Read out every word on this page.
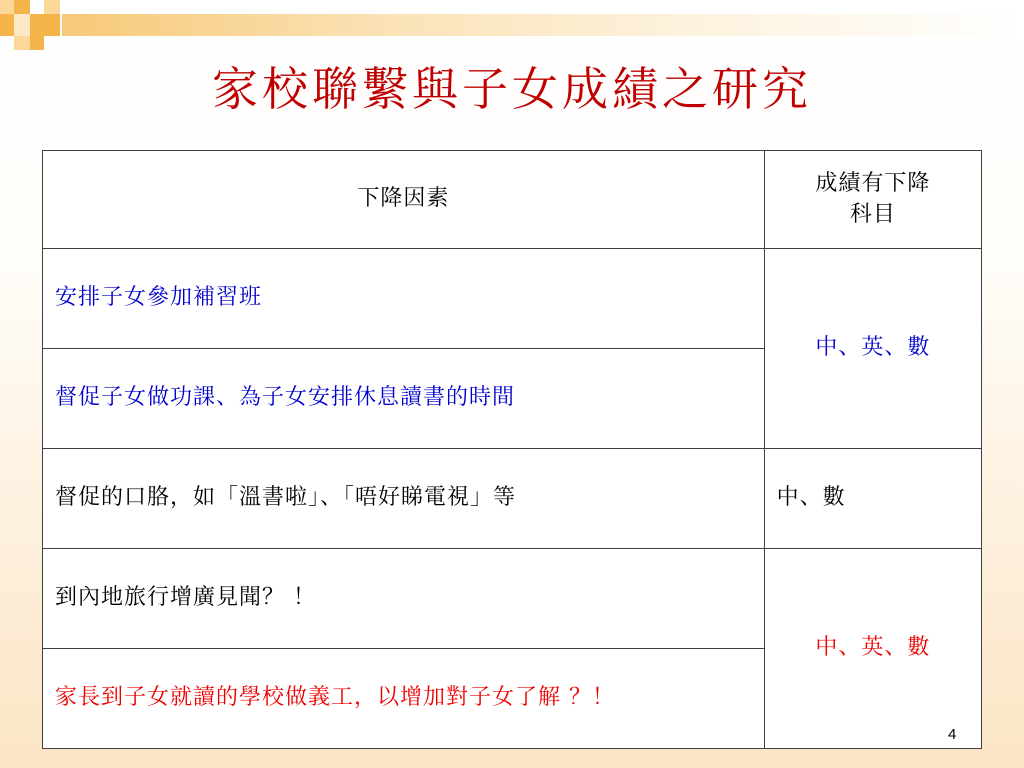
家校聯繫與子女成績之研究
下降因素	成績有下降
科目
安排子女參加補習班	中、英、數
督促子女做功課、為子女安排休息讀書的時間	
督促的口胳，如「溫書啦」、「唔好睇電視」等	中、數
到內地旅行增廣見聞？ ！	中、英、數
家長到子女就讀的學校做義工，以增加對子女了解 ？！	
4
